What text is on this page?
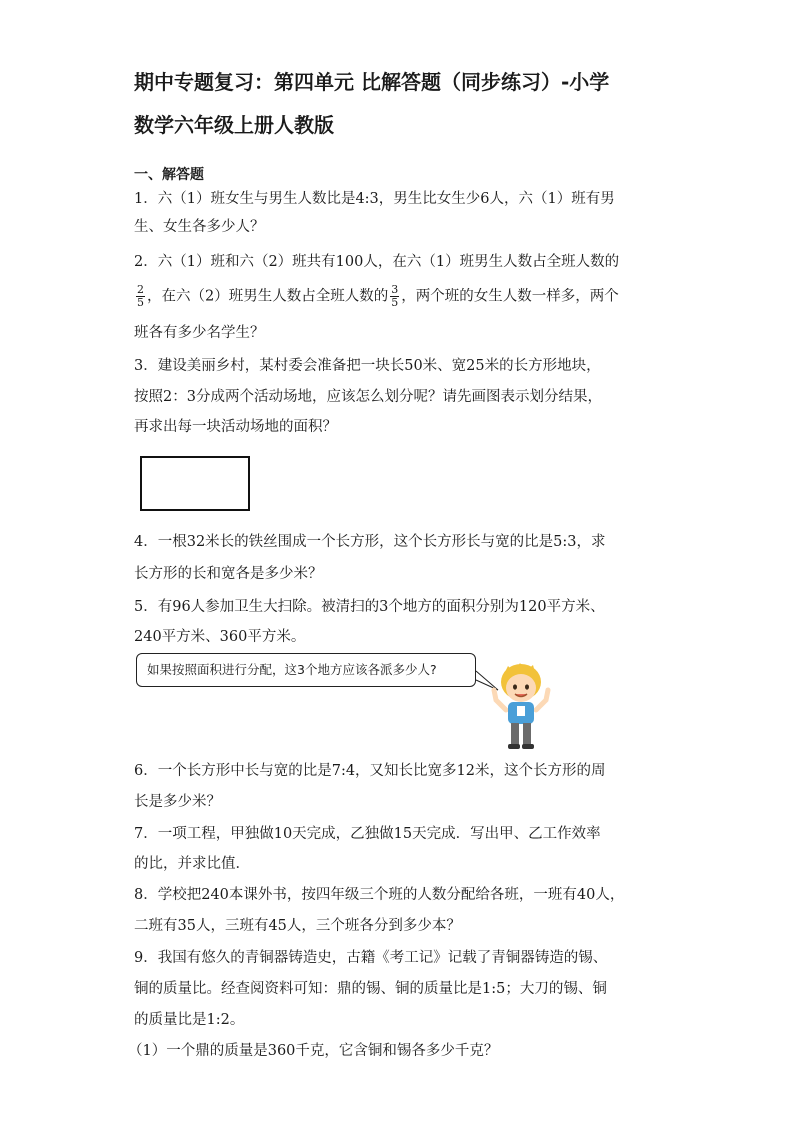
期中专题复习：第四单元 比解答题（同步练习）-小学
数学六年级上册人教版
一、解答题
1．六（1）班女生与男生人数比是4:3，男生比女生少6人，六（1）班有男
生、女生各多少人？
2．六（1）班和六（2）班共有100人，在六（1）班男生人数占全班人数的
$\frac{2}{5}$ ，在六（2）班男生人数占全班人数的 $\frac{3}{5}$ ，两个班的女生人数一样多，两个
班各有多少名学生？
3．建设美丽乡村，某村委会准备把一块长50米、宽25米的长方形地块，
按照2：3分成两个活动场地，应该怎么划分呢？请先画图表示划分结果，
再求出每一块活动场地的面积？
4．一根32米长的铁丝围成一个长方形，这个长方形长与宽的比是5:3，求
长方形的长和宽各是多少米？
5．有96人参加卫生大扫除。被清扫的3个地方的面积分别为120平方米、
240平方米、360平方米。
如果按照面积进行分配，这3个地方应该各派多少人?
6．一个长方形中长与宽的比是7:4，又知长比宽多12米，这个长方形的周
长是多少米？
7．一项工程，甲独做10天完成，乙独做15天完成．写出甲、乙工作效率
的比，并求比值．
8．学校把240本课外书，按四年级三个班的人数分配给各班，一班有40人，
二班有35人，三班有45人，三个班各分到多少本？
9．我国有悠久的青铜器铸造史，古籍《考工记》记载了青铜器铸造的锡、
铜的质量比。经查阅资料可知：鼎的锡、铜的质量比是1:5；大刀的锡、铜
的质量比是1:2。
（1）一个鼎的质量是360千克，它含铜和锡各多少千克？
